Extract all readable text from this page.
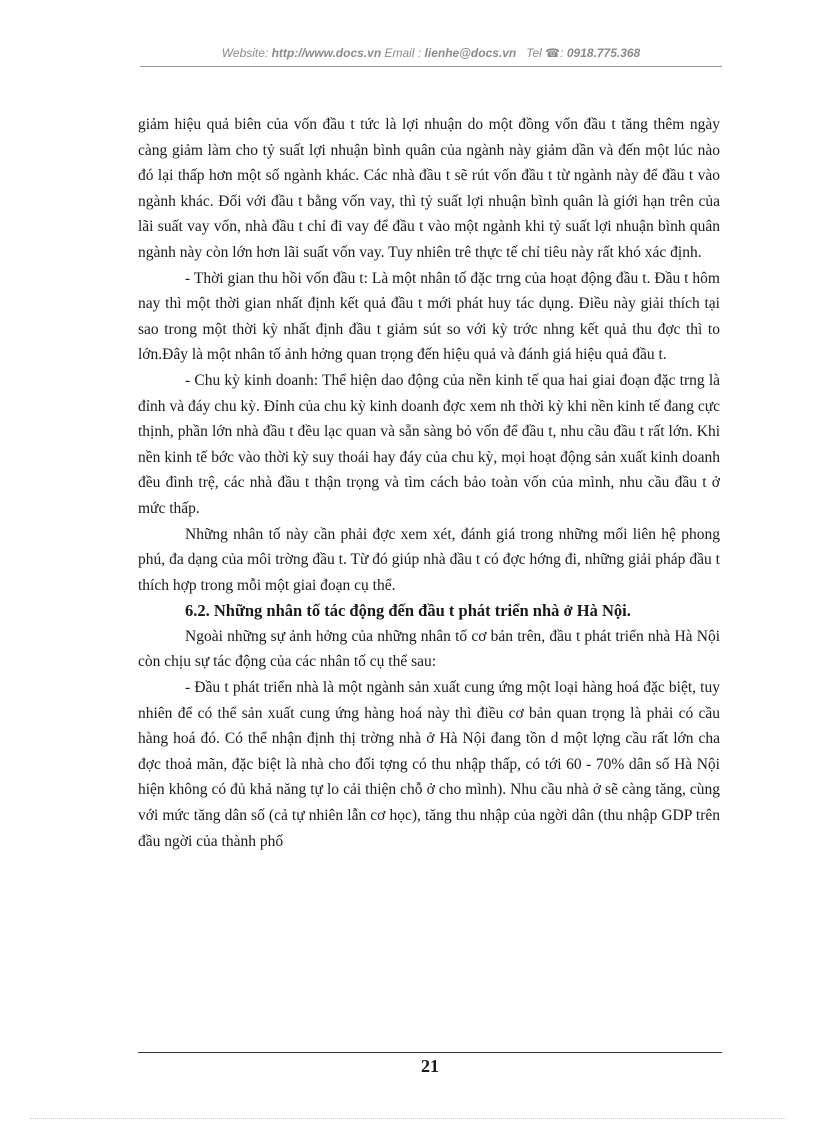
Website: http://www.docs.vn Email : lienhe@docs.vn Tel ☎: 0918.775.368

giảm hiệu quả biên của vốn đầu t tức là lợi nhuận do một đồng vốn đầu t tăng thêm ngày càng giảm làm cho tỷ suất lợi nhuận bình quân của ngành này giảm dần và đến một lúc nào đó lại thấp hơn một số ngành khác. Các nhà đầu t sẽ rút vốn đầu t từ ngành này để đầu t vào ngành khác. Đối với đầu t bằng vốn vay, thì tỷ suất lợi nhuận bình quân là giới hạn trên của lãi suất vay vốn, nhà đầu t chỉ đi vay để đầu t vào một ngành khi tỷ suất lợi nhuận bình quân ngành này còn lớn hơn lãi suất vốn vay. Tuy nhiên trê thực tế chỉ tiêu này rất khó xác định.

- Thời gian thu hồi vốn đầu t: Là một nhân tố đặc trng của hoạt động đầu t. Đầu t hôm nay thì một thời gian nhất định kết quả đầu t mới phát huy tác dụng. Điều này giải thích tại sao trong một thời kỳ nhất định đầu t giảm sút so với kỳ trớc nhng kết quả thu đợc thì to lớn.Đây là một nhân tố ảnh hởng quan trọng đến hiệu quả và đánh giá hiệu quả đầu t.

- Chu kỳ kinh doanh: Thể hiện dao động của nền kinh tế qua hai giai đoạn đặc trng là đỉnh và đáy chu kỳ. Đỉnh của chu kỳ kinh doanh đợc xem nh thời kỳ khi nền kinh tế đang cực thịnh, phần lớn nhà đầu t đều lạc quan và sẵn sàng bỏ vốn để đầu t, nhu cầu đầu t rất lớn. Khi nền kinh tế bớc vào thời kỳ suy thoái hay đáy của chu kỳ, mọi hoạt động sản xuất kinh doanh đều đình trệ, các nhà đầu t thận trọng và tìm cách bảo toàn vốn của mình, nhu cầu đầu t ở mức thấp.

Những nhân tố này cần phải đợc xem xét, đánh giá trong những mối liên hệ phong phú, đa dạng của môi trờng đầu t. Từ đó giúp nhà đầu t có đợc hớng đi, những giải pháp đầu t thích hợp trong mỗi một giai đoạn cụ thể.

6.2. Những nhân tố tác động đến đầu t phát triển nhà ở Hà Nội.

Ngoài những sự ảnh hởng của những nhân tố cơ bản trên, đầu t phát triển nhà Hà Nội còn chịu sự tác động của các nhân tố cụ thể sau:

- Đầu t phát triển nhà là một ngành sản xuất cung ứng một loại hàng hoá đặc biệt, tuy nhiên để có thể sản xuất cung ứng hàng hoá này thì điều cơ bản quan trọng là phải có cầu hàng hoá đó. Có thể nhận định thị trờng nhà ở Hà Nội đang tồn d một lợng cầu rất lớn cha đợc thoả mãn, đặc biệt là nhà cho đối tợng có thu nhập thấp, có tới 60 - 70% dân số Hà Nội hiện không có đủ khả năng tự lo cải thiện chỗ ở cho mình). Nhu cầu nhà ở sẽ càng tăng, cùng với mức tăng dân số (cả tự nhiên lẫn cơ học), tăng thu nhập của ngời dân (thu nhập GDP trên đầu ngời của thành phố

21
